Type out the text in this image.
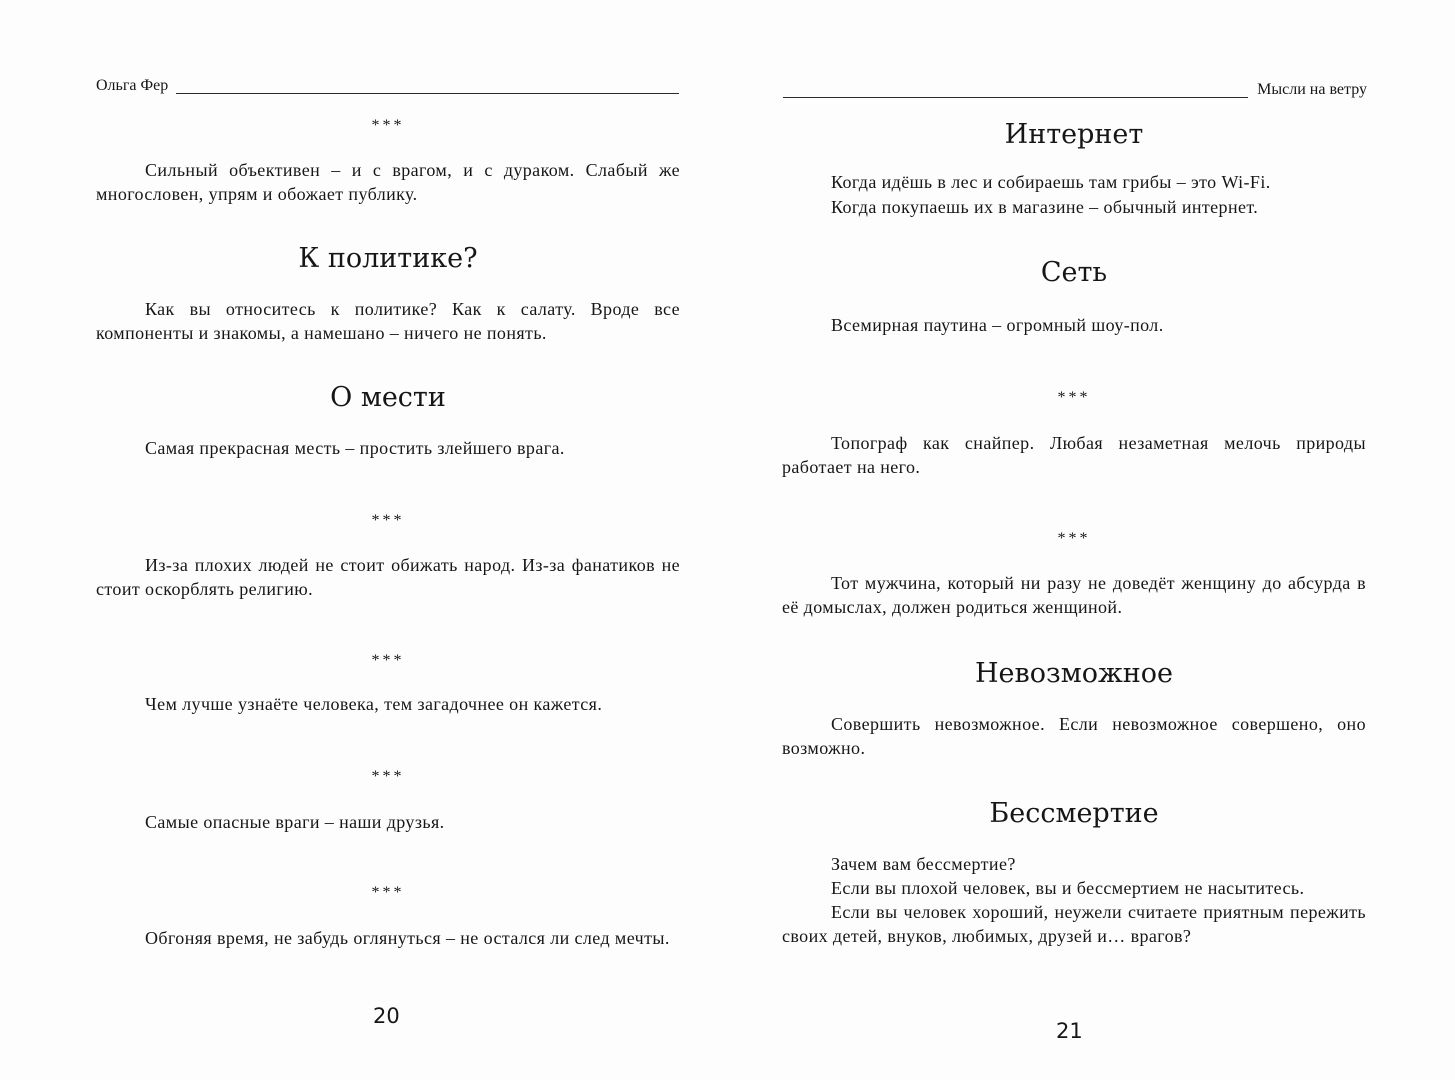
Ольга Фер
***

Сильный объективен – и с врагом, и с дураком. Слабый же многословен, упрям и обожает публику.

К политике?

Как вы относитесь к политике? Как к салату. Вроде все компоненты и знакомы, а намешано – ничего не понять.

О мести

Самая прекрасная месть – простить злейшего врага.

***

Из-за плохих людей не стоит обижать народ. Из-за фанатиков не стоит оскорблять религию.

***

Чем лучше узнаёте человека, тем загадочнее он кажется.

***

Самые опасные враги – наши друзья.

***

Обгоняя время, не забудь оглянуться – не остался ли след мечты.

20
Мысли на ветру
Интернет

Когда идёшь в лес и собираешь там грибы – это Wi-Fi.

Когда покупаешь их в магазине – обычный интернет.

Сеть

Всемирная паутина – огромный шоу-пол.

***

Топограф как снайпер. Любая незаметная мелочь природы работает на него.

***

Тот мужчина, который ни разу не доведёт женщину до абсурда в её домыслах, должен родиться женщиной.

Невозможное

Совершить невозможное. Если невозможное совершено, оно возможно.

Бессмертие

Зачем вам бессмертие?

Если вы плохой человек, вы и бессмертием не насытитесь.

Если вы человек хороший, неужели считаете приятным пережить своих детей, внуков, любимых, друзей и… врагов?

21
